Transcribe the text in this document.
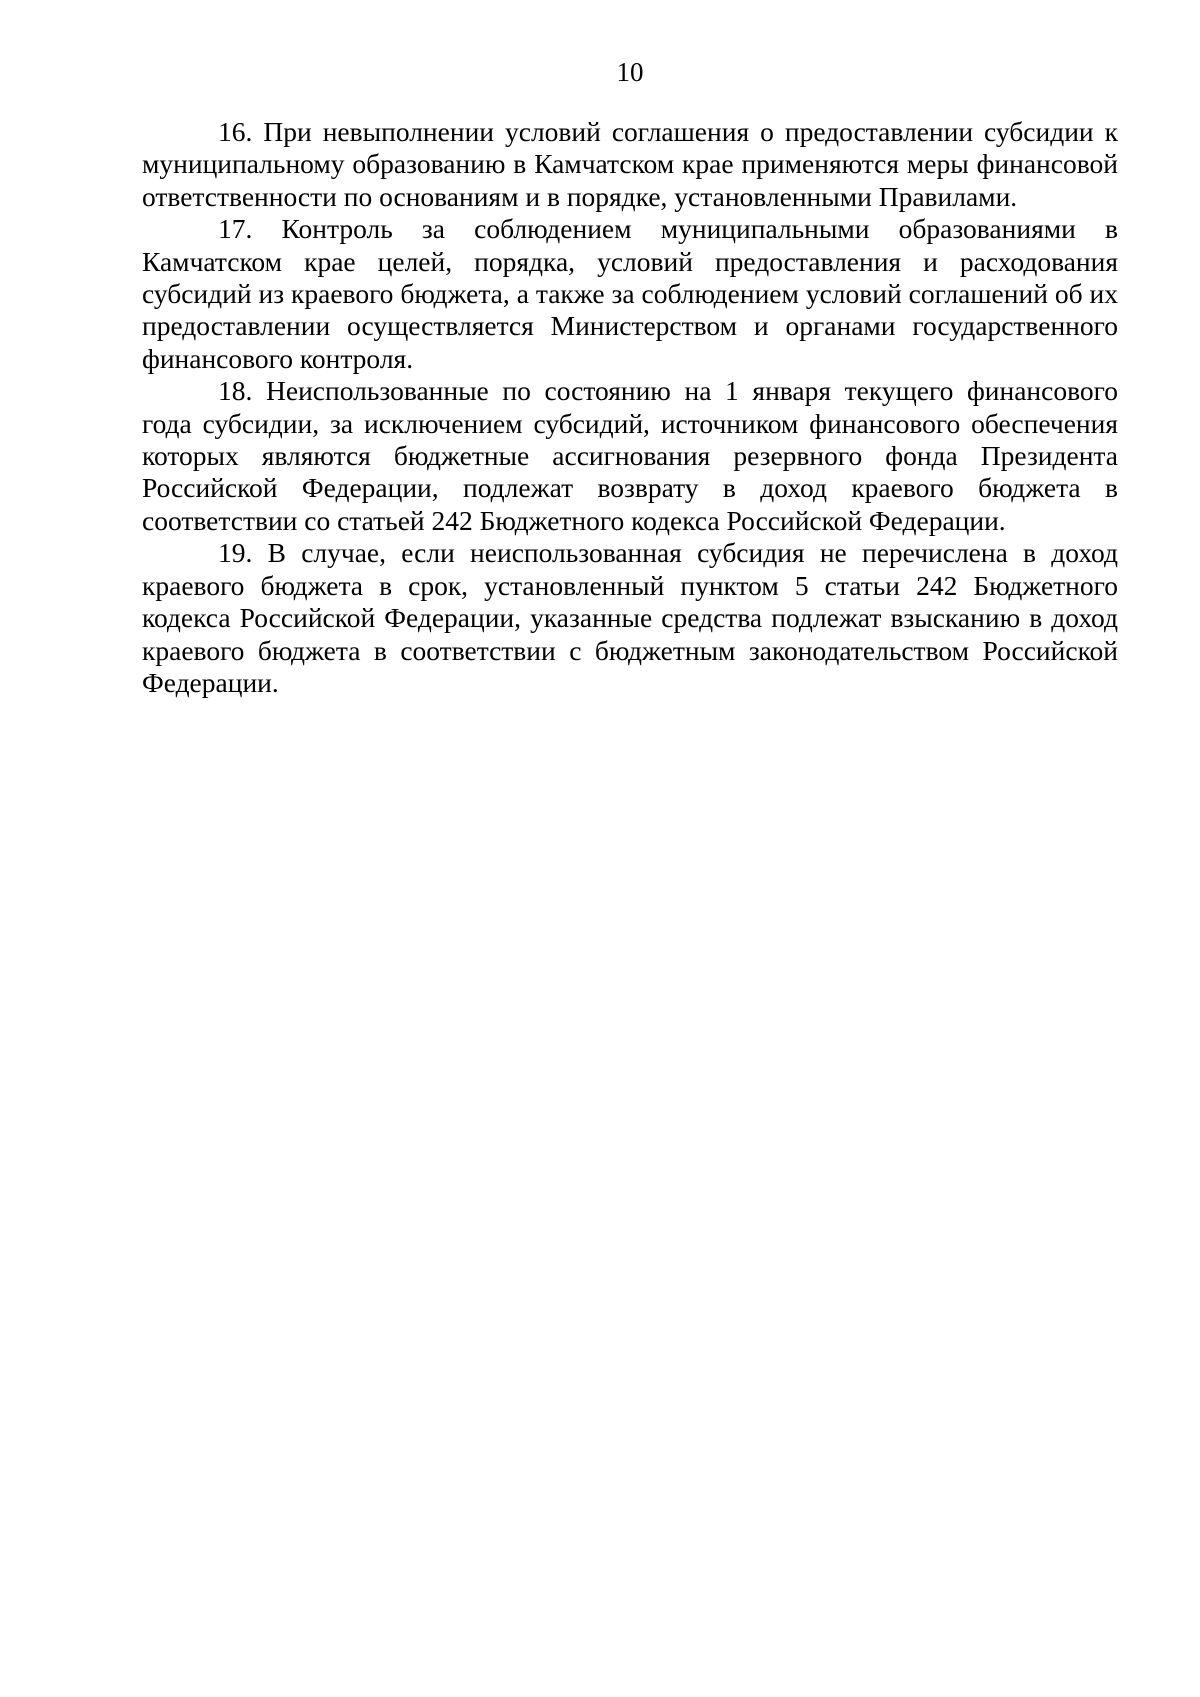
10

16. При невыполнении условий соглашения о предоставлении субсидии к муниципальному образованию в Камчатском крае применяются меры финансовой ответственности по основаниям и в порядке, установленными Правилами.

17. Контроль за соблюдением муниципальными образованиями в Камчатском крае целей, порядка, условий предоставления и расходования субсидий из краевого бюджета, а также за соблюдением условий соглашений об их предоставлении осуществляется Министерством и органами государственного финансового контроля.

18. Неиспользованные по состоянию на 1 января текущего финансового года субсидии, за исключением субсидий, источником финансового обеспечения которых являются бюджетные ассигнования резервного фонда Президента Российской Федерации, подлежат возврату в доход краевого бюджета в соответствии со статьей 242 Бюджетного кодекса Российской Федерации.

19. В случае, если неиспользованная субсидия не перечислена в доход краевого бюджета в срок, установленный пунктом 5 статьи 242 Бюджетного кодекса Российской Федерации, указанные средства подлежат взысканию в доход краевого бюджета в соответствии с бюджетным законодательством Российской Федерации.
